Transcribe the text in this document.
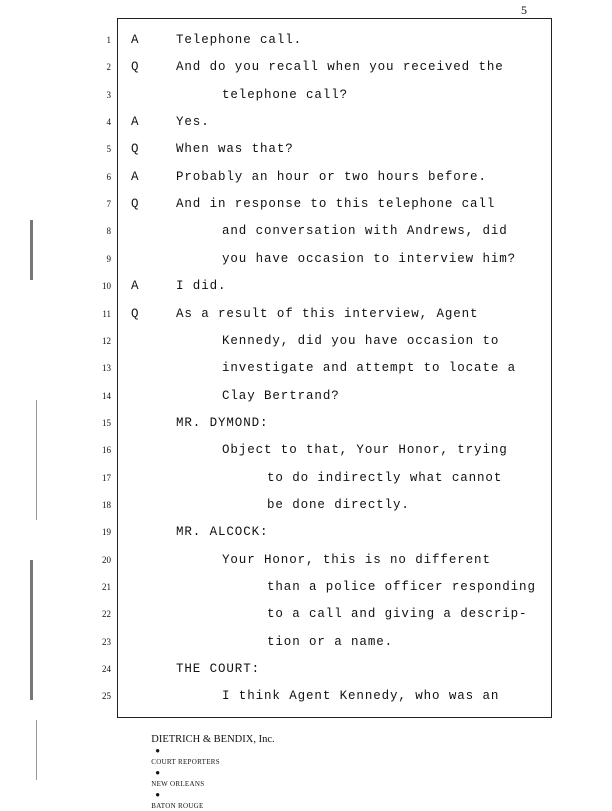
5
1 A	Telephone call.
2 Q	And do you recall when you received the
3	telephone call?
4 A	Yes.
5 Q	When was that?
6 A	Probably an hour or two hours before.
7 Q	And in response to this telephone call
8	and conversation with Andrews, did
9	you have occasion to interview him?
10 A	I did.
11 Q	As a result of this interview, Agent
12	Kennedy, did you have occasion to
13	investigate and attempt to locate a
14	Clay Bertrand?
15	MR. DYMOND:
16	Object to that, Your Honor, trying
17	to do indirectly what cannot
18	be done directly.
19	MR. ALCOCK:
20	Your Honor, this is no different
21	than a police officer responding
22	to a call and giving a descrip-
23	tion or a name.
24	THE COURT:
25	I think Agent Kennedy, who was an

DIETRICH & BENDIX, Inc.
●
COURT REPORTERS
●
NEW ORLEANS
●
BATON ROUGE
